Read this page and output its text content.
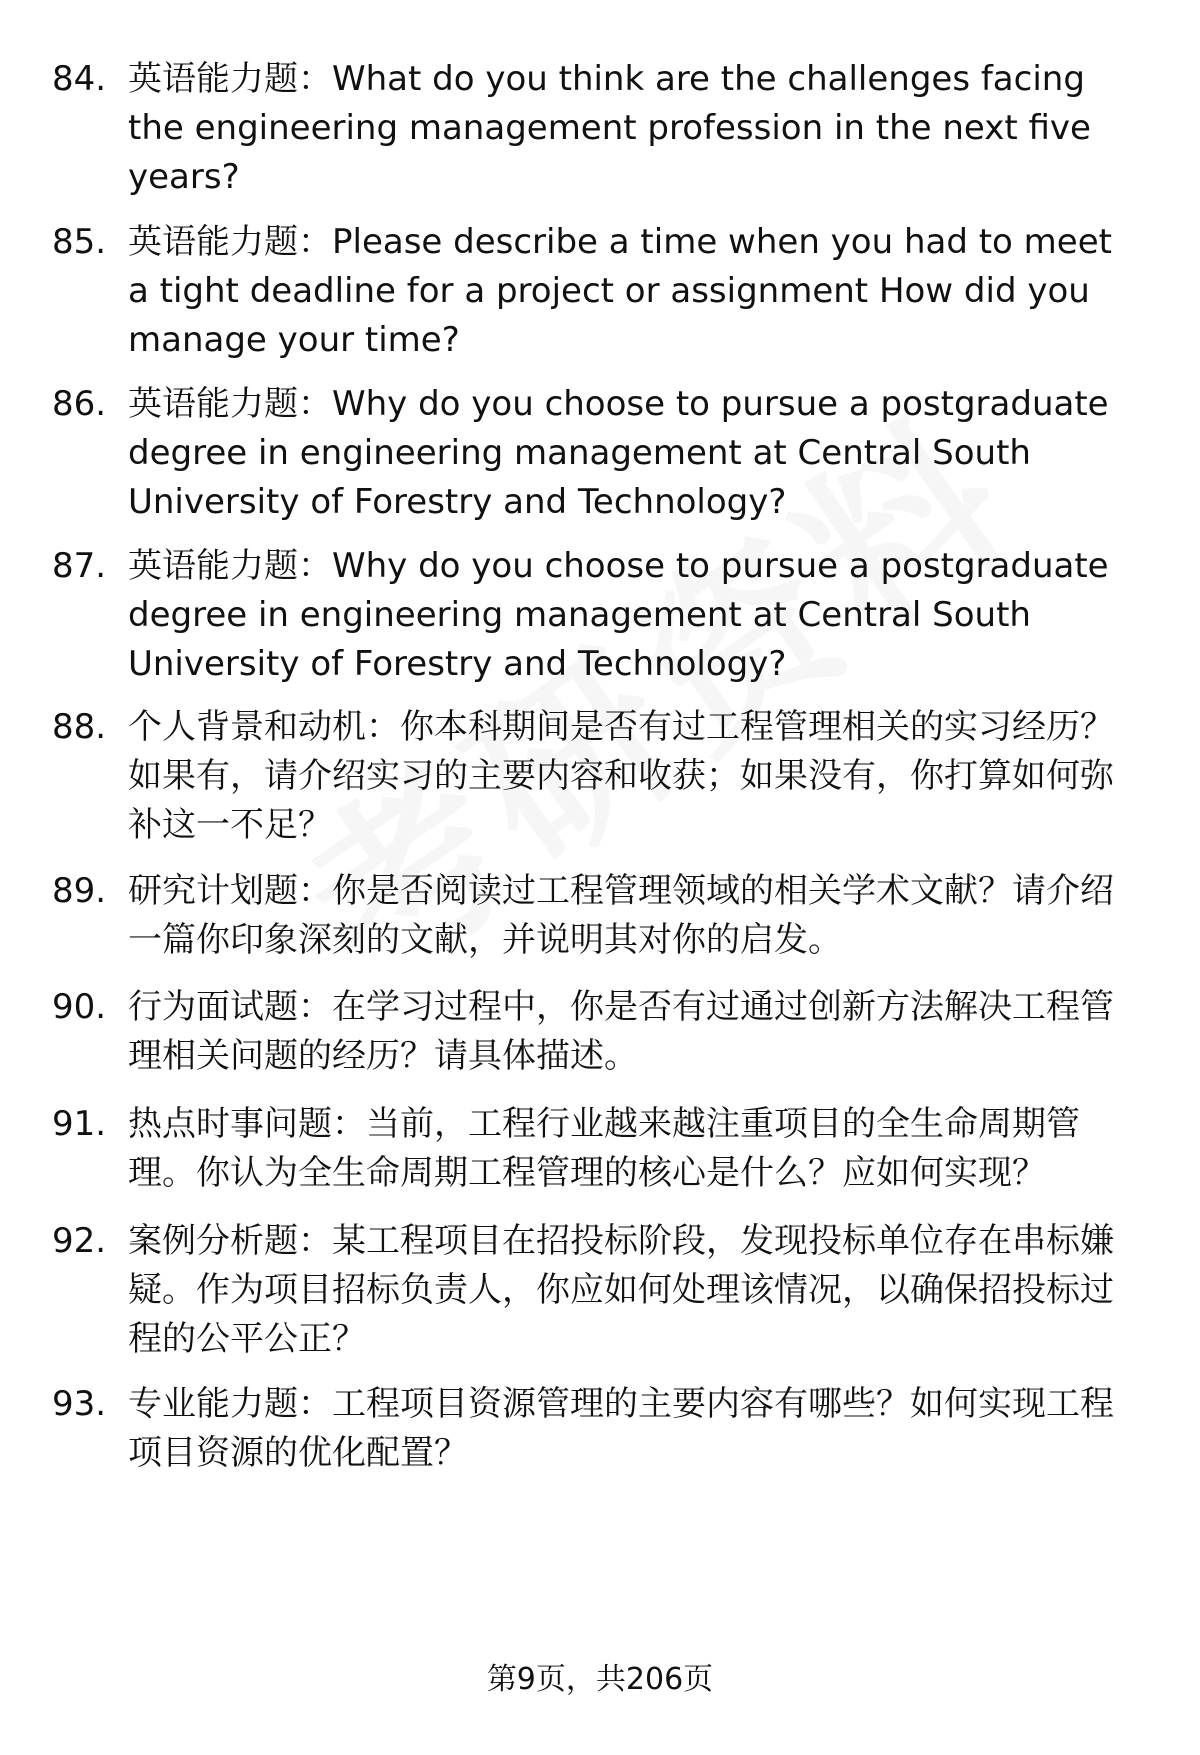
84. 英语能力题：What do you think are the challenges facing the engineering management profession in the next five years?
85. 英语能力题：Please describe a time when you had to meet a tight deadline for a project or assignment How did you manage your time?
86. 英语能力题：Why do you choose to pursue a postgraduate degree in engineering management at Central South University of Forestry and Technology?
87. 英语能力题：Why do you choose to pursue a postgraduate degree in engineering management at Central South University of Forestry and Technology?
88. 个人背景和动机：你本科期间是否有过工程管理相关的实习经历？如果有，请介绍实习的主要内容和收获；如果没有，你打算如何弥补这一不足？
89. 研究计划题：你是否阅读过工程管理领域的相关学术文献？请介绍一篇你印象深刻的文献，并说明其对你的启发。
90. 行为面试题：在学习过程中，你是否有过通过创新方法解决工程管理相关问题的经历？请具体描述。
91. 热点时事问题：当前，工程行业越来越注重项目的全生命周期管理。你认为全生命周期工程管理的核心是什么？应如何实现？
92. 案例分析题：某工程项目在招投标阶段，发现投标单位存在串标嫌疑。作为项目招标负责人，你应如何处理该情况，以确保招投标过程的公平公正？
93. 专业能力题：工程项目资源管理的主要内容有哪些？如何实现工程项目资源的优化配置？
第9页，共206页
